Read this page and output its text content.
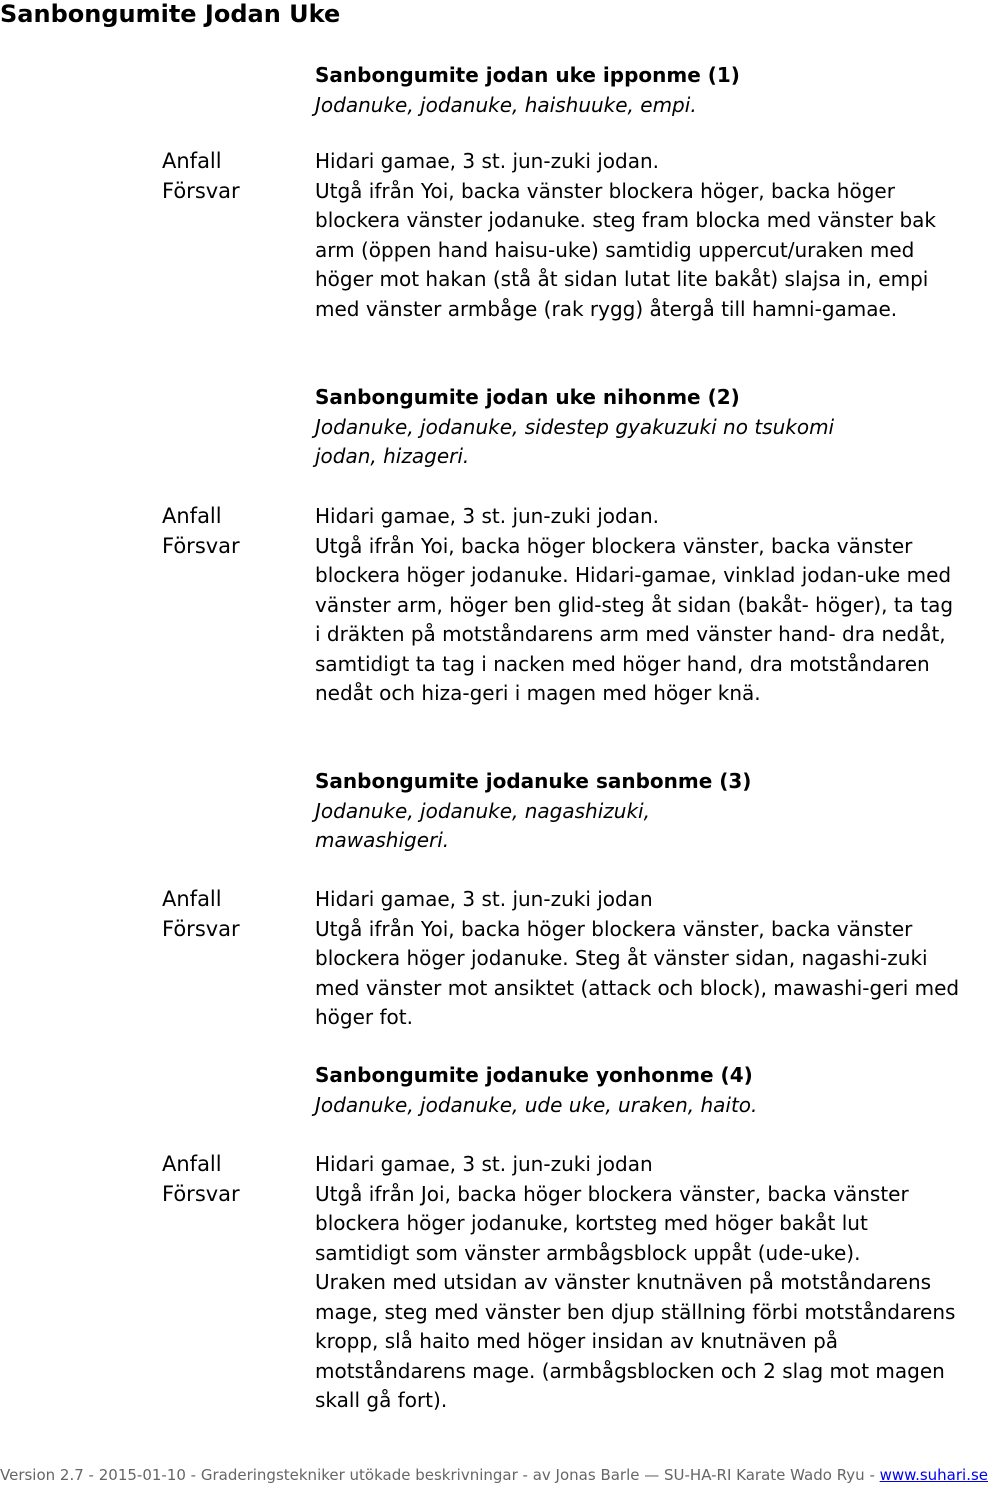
Sanbongumite Jodan Uke
Sanbongumite jodan uke ipponme (1)
Jodanuke, jodanuke, haishuuke, empi.
Anfall
Försvar

Hidari gamae, 3 st. jun-zuki jodan.

Utgå ifrån Yoi, backa vänster blockera höger, backa höger blockera vänster jodanuke. steg fram blocka med vänster bak arm (öppen hand haisu-uke) samtidig uppercut/uraken med höger mot hakan (stå åt sidan lutat lite bakåt) slajsa in, empi med vänster armbåge (rak rygg) återgå till hamni-gamae.

Sanbongumite jodan uke nihonme (2)
Jodanuke, jodanuke, sidestep gyakuzuki no tsukomi jodan, hizageri.
Anfall
Försvar

Hidari gamae, 3 st. jun-zuki jodan.

Utgå ifrån Yoi, backa höger blockera vänster, backa vänster blockera höger jodanuke. Hidari-gamae, vinklad jodan-uke med vänster arm, höger ben glid-steg åt sidan (bakåt- höger), ta tag i dräkten på motståndarens arm med vänster hand- dra nedåt, samtidigt ta tag i nacken med höger hand, dra motståndaren nedåt och hiza-geri i magen med höger knä.

Sanbongumite jodanuke sanbonme (3)
Jodanuke, jodanuke, nagashizuki, mawashigeri.
Anfall
Försvar

Hidari gamae, 3 st. jun-zuki jodan

Utgå ifrån Yoi, backa höger blockera vänster, backa vänster blockera höger jodanuke. Steg åt vänster sidan, nagashi-zuki med vänster mot ansiktet (attack och block), mawashi-geri med höger fot.

Sanbongumite jodanuke yonhonme (4)
Jodanuke, jodanuke, ude uke, uraken, haito.
Anfall
Försvar

Hidari gamae, 3 st. jun-zuki jodan

Utgå ifrån Joi, backa höger blockera vänster, backa vänster blockera höger jodanuke, kortsteg med höger bakåt lut samtidigt som vänster armbågsblock uppåt (ude-uke).

Uraken med utsidan av vänster knutnäven på motståndarens mage, steg med vänster ben djup ställning förbi motståndarens kropp, slå haito med höger insidan av knutnäven på motståndarens mage. (armbågsblocken och 2 slag mot magen skall gå fort).

Version 2.7 - 2015-01-10 - Graderingstekniker utökade beskrivningar - av Jonas Barle — SU-HA-RI Karate Wado Ryu - www.suhari.se
